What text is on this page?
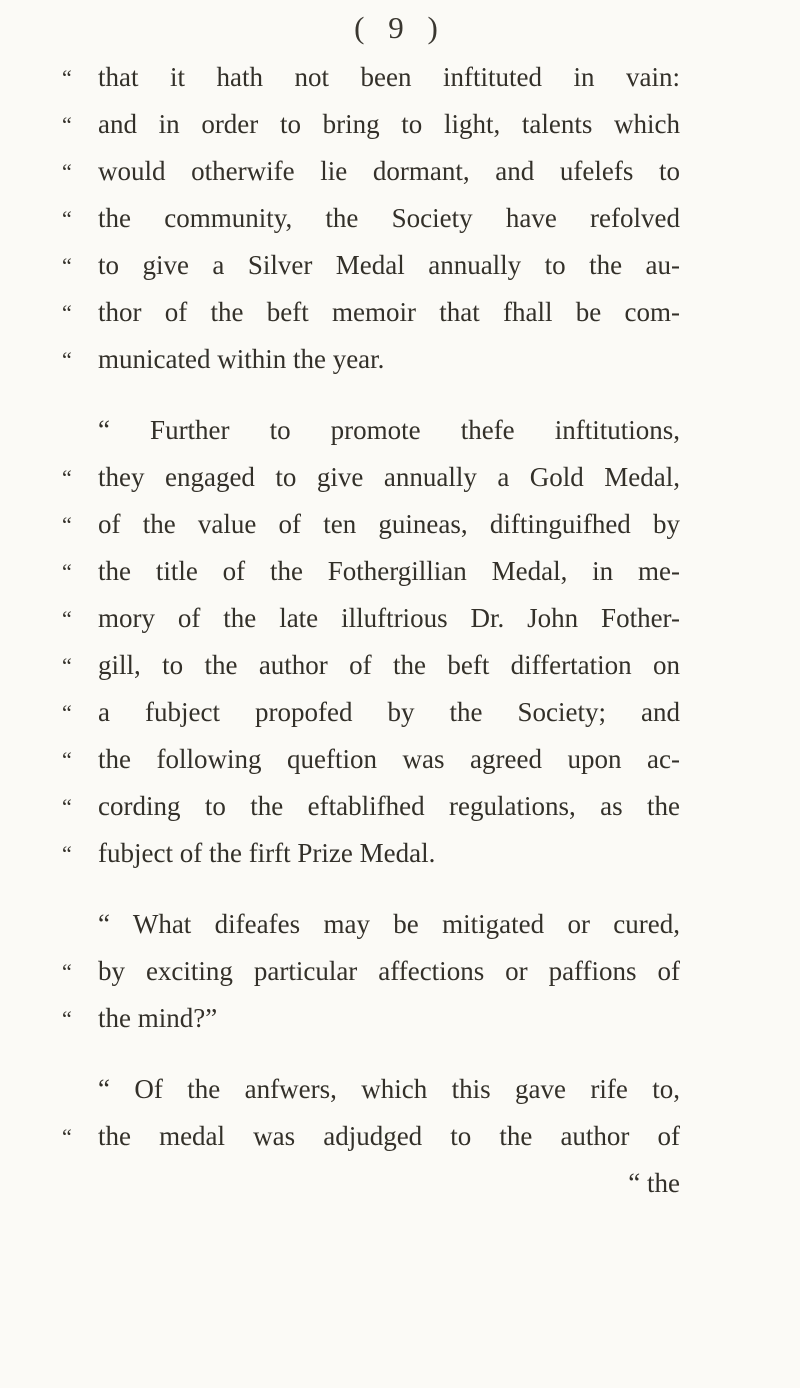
( 9 )
“ that it hath not been inftituted in vain:
“ and in order to bring to light, talents which
“ would otherwife lie dormant, and ufelefs to
“ the community, the Society have refolved
“ to give a Silver Medal annually to the au-
“ thor of the beft memoir that fhall be com-
“ municated within the year.
“ Further to promote thefe inftitutions,
“ they engaged to give annually a Gold Medal,
“ of the value of ten guineas, diftinguifhed by
“ the title of the Fothergillian Medal, in me-
“ mory of the late illuftrious Dr. John Fother-
“ gill, to the author of the beft differtation on
“ a fubject propofed by the Society; and
“ the following queftion was agreed upon ac-
“ cording to the eftablifhed regulations, as the
“ fubject of the firft Prize Medal.
“ What difeafes may be mitigated or cured,
“ by exciting particular affections or paffions of
“ the mind?”
“ Of the anfwers, which this gave rife to,
“ the medal was adjudged to the author of
“ the
